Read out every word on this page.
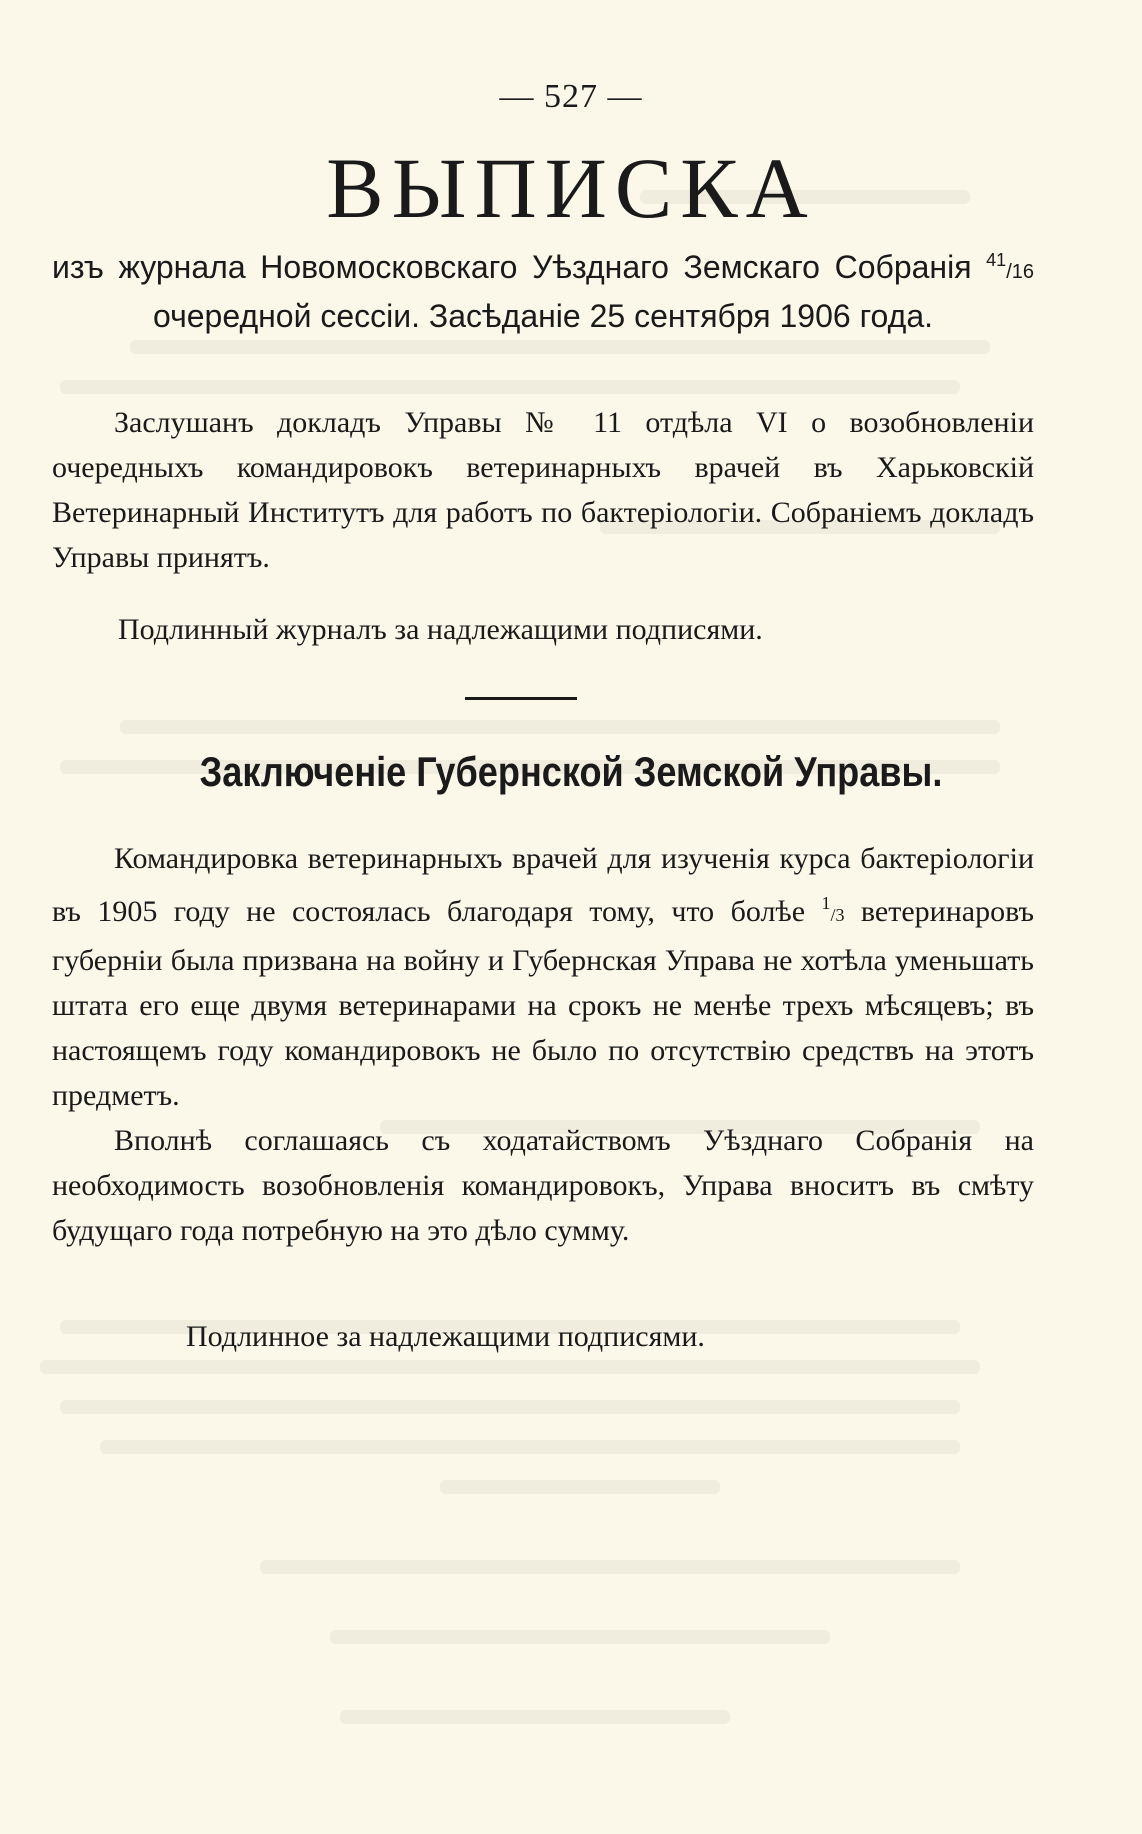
— 527 —
ВЫПИСКА
изъ журнала Новомосковскаго Уѣзднаго Земскаго Собранія $^{41}$/16 очередной сессіи. Засѣданіе 25 сентября 1906 года.

Заслушанъ докладъ Управы № 11 отдѣла VI о возобновленіи очередныхъ командировокъ ветеринарныхъ врачей въ Харьковскій Ветеринарный Институтъ для работъ по бактеріологіи. Собраніемъ докладъ Управы принятъ.

Подлинный журналъ за надлежащими подписями.
Заключеніе Губернской Земской Управы.

Командировка ветеринарныхъ врачей для изученія курса бактеріологіи въ 1905 году не состоялась благодаря тому, что болѣе $^1$/3 ветеринаровъ губерніи была призвана на войну и Губернская Управа не хотѣла уменьшать штата его еще двумя ветеринарами на срокъ не менѣе трехъ мѣсяцевъ; въ настоящемъ году командировокъ не было по отсутствію средствъ на этотъ предметъ.

Вполнѣ соглашаясь съ ходатайствомъ Уѣзднаго Собранія на необходимость возобновленія командировокъ, Управа вноситъ въ смѣту будущаго года потребную на это дѣло сумму.

Подлинное за надлежащими подписями.
